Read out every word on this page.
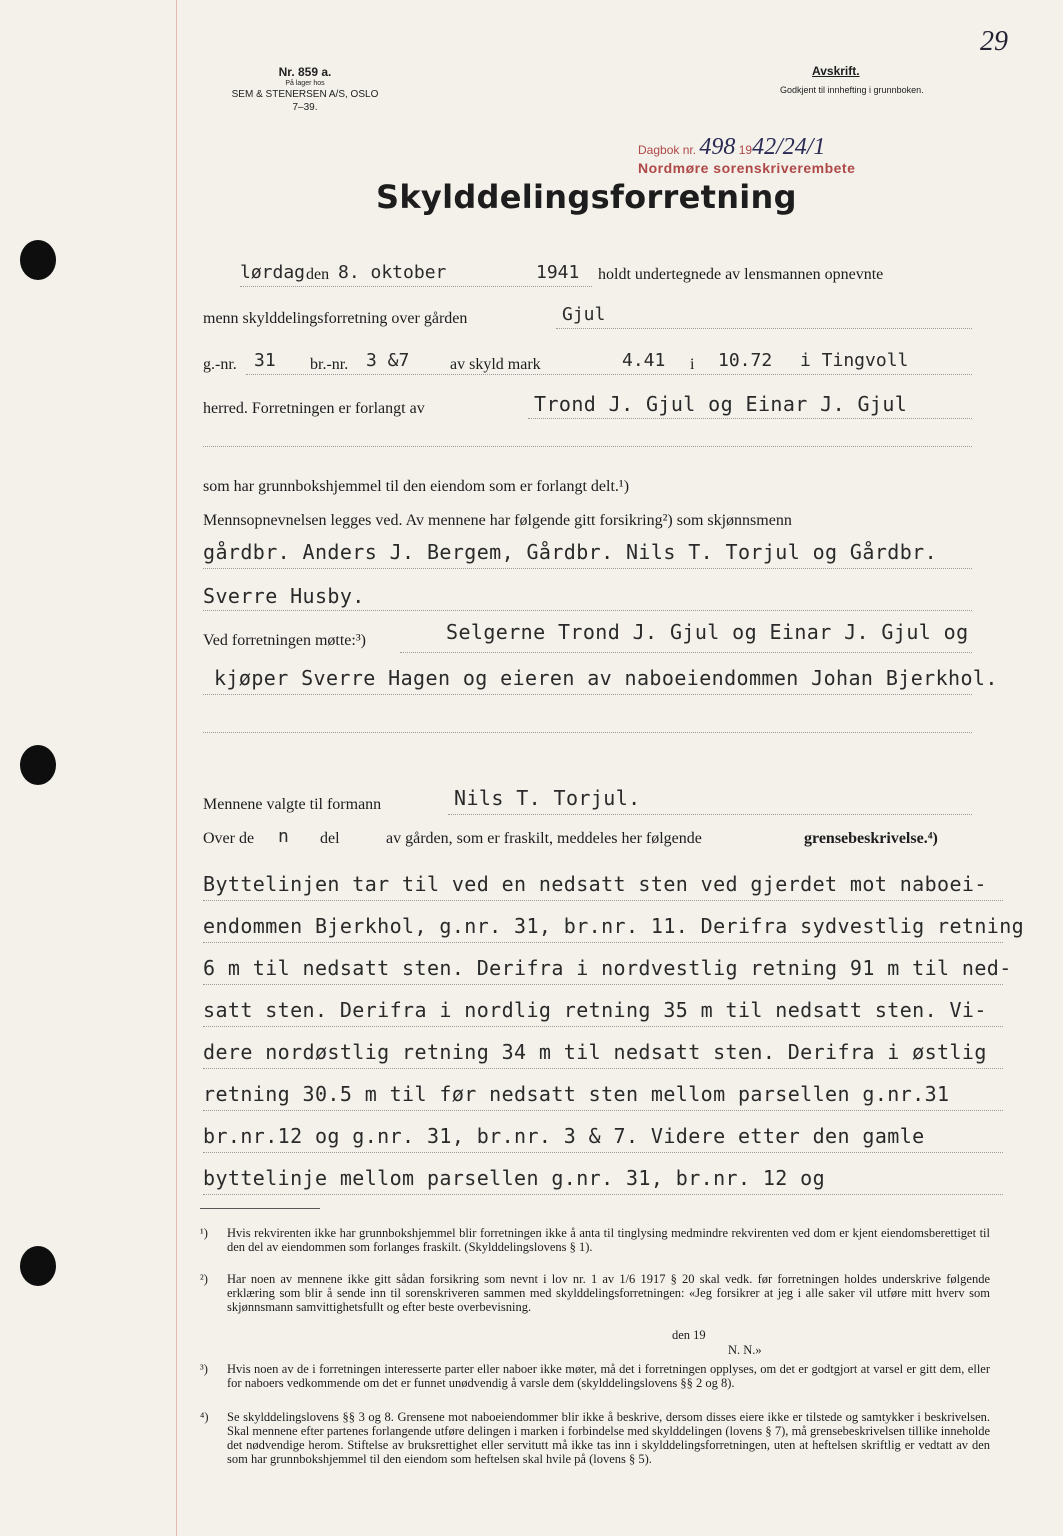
Nr. 859 a.
På lager hos
SEM & STENERSEN A/S, OSLO
7–39.
Avskrift.
Godkjent til innhefting i grunnboken.
29
Dagbok nr. 498 1942/24/1
Nordmøre sorenskriverembete
Skylddelingsforretning
lørdag den 8. oktober	1941 holdt undertegnede av lensmannen opnevnte
menn skylddelingsforretning over gården	Gjul
g.-nr. 31 br.-nr. 3 &7	av skyld mark	4.41 i 10.72 i Tingvoll
herred. Forretningen er forlangt av	Trond J. Gjul og Einar J. Gjul
som har grunnbokshjemmel til den eiendom som er forlangt delt.¹)
Mennsopnevnelsen legges ved. Av mennene har følgende gitt forsikring²) som skjønnsmenn
gårdbr. Anders J. Bergem, Gårdbr. Nils T. Torjul og Gårdbr.
Sverre Husby.
Ved forretningen møtte:³)	Selgerne Trond J. Gjul og Einar J. Gjul og
kjøper Sverre Hagen og eieren av naboeiendommen Johan Bjerkhol.
Mennene valgte til formann	Nils T. Torjul.
Over de n del	av gården, som er fraskilt, meddeles her følgende	grensebeskrivelse.⁴)
Byttelinjen tar til ved en nedsatt sten ved gjerdet mot naboei-
endommen Bjerkhol, g.nr. 31, br.nr. 11. Derifra sydvestlig retning
6 m til nedsatt sten. Derifra i nordvestlig retning 91 m til ned-
satt sten. Derifra i nordlig retning 35 m til nedsatt sten. Vi-
dere nordøstlig retning 34 m til nedsatt sten. Derifra i østlig
retning 30.5 m til før nedsatt sten mellom parsellen g.nr.31
br.nr.12 og g.nr. 31, br.nr. 3 & 7. Videre etter den gamle
byttelinje mellom parsellen g.nr. 31, br.nr. 12 og
¹) Hvis rekvirenten ikke har grunnbokshjemmel blir forretningen ikke å anta til tinglysing medmindre rekvirenten ved dom er kjent eiendomsberettiget til den del av eiendommen som forlanges fraskilt. (Skylddelingslovens § 1).
²) Har noen av mennene ikke gitt sådan forsikring som nevnt i lov nr. 1 av 1/6 1917 § 20 skal vedk. før forretningen holdes underskrive følgende erklæring som blir å sende inn til sorenskriveren sammen med skylddelingsforretningen: «Jeg forsikrer at jeg i alle saker vil utføre mitt hverv som skjønnsmann samvittighetsfullt og efter beste overbevisning.
den 19
N. N.»
³) Hvis noen av de i forretningen interesserte parter eller naboer ikke møter, må det i forretningen opplyses, om det er godtgjort at varsel er gitt dem, eller for naboers vedkommende om det er funnet unødvendig å varsle dem (skylddelingslovens §§ 2 og 8).
⁴) Se skylddelingslovens §§ 3 og 8. Grensene mot naboeiendommer blir ikke å beskrive, dersom disses eiere ikke er tilstede og samtykker i beskrivelsen. Skal mennene efter partenes forlangende utføre delingen i marken i forbindelse med skylddelingen (lovens § 7), må grensebeskrivelsen tillike inneholde det nødvendige herom. Stiftelse av bruksrettighet eller servitutt må ikke tas inn i skylddelingsforretningen, uten at heftelsen skriftlig er vedtatt av den som har grunnbokshjemmel til den eiendom som heftelsen skal hvile på (lovens § 5).
